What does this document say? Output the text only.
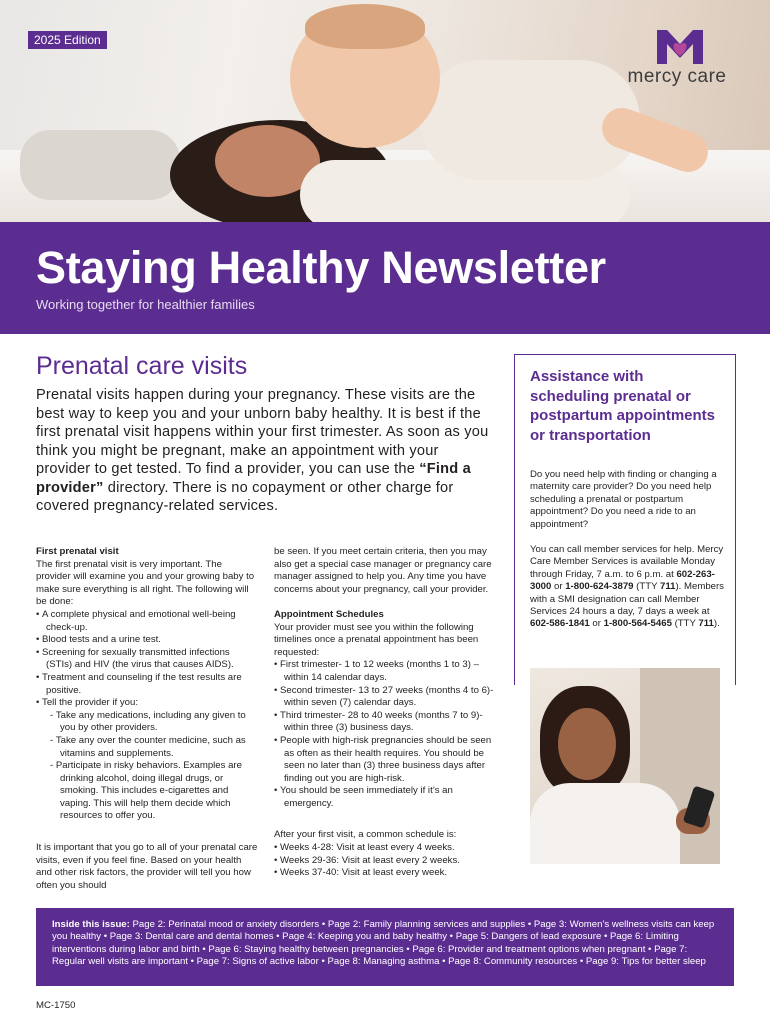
2025 Edition
mercy care
Staying Healthy Newsletter
Working together for healthier families
Prenatal care visits

Prenatal visits happen during your pregnancy. These visits are the best way to keep you and your unborn baby healthy. It is best if the first prenatal visit happens within your first trimester. As soon as you think you might be pregnant, make an appointment with your provider to get tested. To find a provider, you can use the “Find a provider” directory. There is no copayment or other charge for covered pregnancy-related services.

First prenatal visit

The first prenatal visit is very important. The provider will examine you and your growing baby to make sure everything is all right. The following will be done:

• A complete physical and emotional well-being check-up.
• Blood tests and a urine test.
• Screening for sexually transmitted infections (STIs) and HIV (the virus that causes AIDS).
• Treatment and counseling if the test results are positive.
• Tell the provider if you:
- Take any medications, including any given to you by other providers.
- Take any over the counter medicine, such as vitamins and supplements.
- Participate in risky behaviors. Examples are drinking alcohol, doing illegal drugs, or smoking. This includes e-cigarettes and vaping. This will help them decide which resources to offer you.

It is important that you go to all of your prenatal care visits, even if you feel fine. Based on your health and other risk factors, the provider will tell you how often you should

be seen. If you meet certain criteria, then you may also get a special case manager or pregnancy care manager assigned to help you. Any time you have concerns about your pregnancy, call your provider.

Appointment Schedules

Your provider must see you within the following timelines once a prenatal appointment has been requested:

• First trimester- 1 to 12 weeks (months 1 to 3) – within 14 calendar days.
• Second trimester- 13 to 27 weeks (months 4 to 6)- within seven (7) calendar days.
• Third trimester- 28 to 40 weeks (months 7 to 9)- within three (3) business days.
• People with high-risk pregnancies should be seen as often as their health requires. You should be seen no later than (3) three business days after finding out you are high-risk.
• You should be seen immediately if it’s an emergency.

After your first visit, a common schedule is:

• Weeks 4-28: Visit at least every 4 weeks.
• Weeks 29-36: Visit at least every 2 weeks.
• Weeks 37-40: Visit at least every week.
Assistance with scheduling prenatal or postpartum appointments or transportation

Do you need help with finding or changing a maternity care provider? Do you need help scheduling a prenatal or postpartum appointment? Do you need a ride to an appointment?

You can call member services for help. Mercy Care Member Services is available Monday through Friday, 7 a.m. to 6 p.m. at 602-263-3000 or 1-800-624-3879 (TTY 711). Members with a SMI designation can call Member Services 24 hours a day, 7 days a week at 602-586-1841 or 1-800-564-5465 (TTY 711).

Inside this issue: Page 2: Perinatal mood or anxiety disorders • Page 2: Family planning services and supplies • Page 3: Women’s wellness visits can keep you healthy • Page 3: Dental care and dental homes • Page 4: Keeping you and baby healthy • Page 5: Dangers of lead exposure • Page 6: Limiting interventions during labor and birth • Page 6: Staying healthy between pregnancies • Page 6: Provider and treatment options when pregnant • Page 7: Regular well visits are important • Page 7: Signs of active labor • Page 8: Managing asthma • Page 8: Community resources • Page 9: Tips for better sleep

MC-1750
